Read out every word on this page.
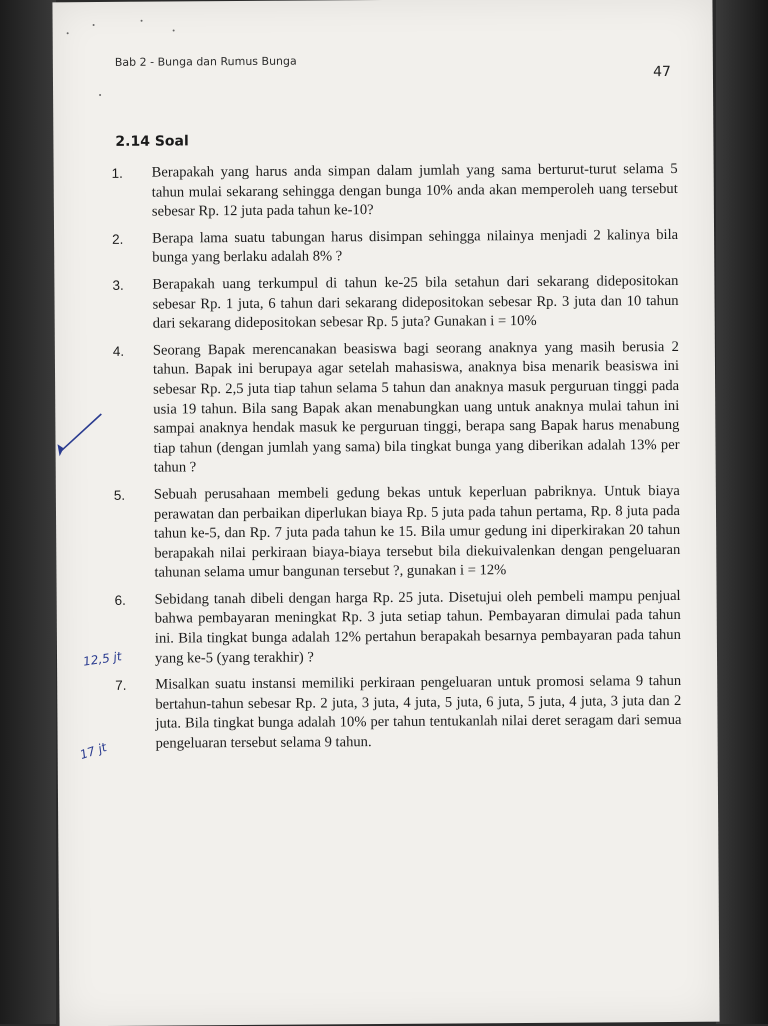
Bab 2 - Bunga dan Rumus Bunga
47
2.14 Soal
1. Berapakah yang harus anda simpan dalam jumlah yang sama berturut-turut selama 5 tahun mulai sekarang sehingga dengan bunga 10% anda akan memperoleh uang tersebut sebesar Rp. 12 juta pada tahun ke-10?
2. Berapa lama suatu tabungan harus disimpan sehingga nilainya menjadi 2 kalinya bila bunga yang berlaku adalah 8% ?
3. Berapakah uang terkumpul di tahun ke-25 bila setahun dari sekarang didepositokan sebesar Rp. 1 juta, 6 tahun dari sekarang didepositokan sebesar Rp. 3 juta dan 10 tahun dari sekarang didepositokan sebesar Rp. 5 juta? Gunakan i = 10%
4. Seorang Bapak merencanakan beasiswa bagi seorang anaknya yang masih berusia 2 tahun. Bapak ini berupaya agar setelah mahasiswa, anaknya bisa menarik beasiswa ini sebesar Rp. 2,5 juta tiap tahun selama 5 tahun dan anaknya masuk perguruan tinggi pada usia 19 tahun. Bila sang Bapak akan menabungkan uang untuk anaknya mulai tahun ini sampai anaknya hendak masuk ke perguruan tinggi, berapa sang Bapak harus menabung tiap tahun (dengan jumlah yang sama) bila tingkat bunga yang diberikan adalah 13% per tahun ?
5. Sebuah perusahaan membeli gedung bekas untuk keperluan pabriknya. Untuk biaya perawatan dan perbaikan diperlukan biaya Rp. 5 juta pada tahun pertama, Rp. 8 juta pada tahun ke-5, dan Rp. 7 juta pada tahun ke 15. Bila umur gedung ini diperkirakan 20 tahun berapakah nilai perkiraan biaya-biaya tersebut bila diekuivalenkan dengan pengeluaran tahunan selama umur bangunan tersebut ?, gunakan i = 12%
6. Sebidang tanah dibeli dengan harga Rp. 25 juta. Disetujui oleh pembeli mampu penjual bahwa pembayaran meningkat Rp. 3 juta setiap tahun. Pembayaran dimulai pada tahun ini. Bila tingkat bunga adalah 12% pertahun berapakah besarnya pembayaran pada tahun yang ke-5 (yang terakhir) ?
7. Misalkan suatu instansi memiliki perkiraan pengeluaran untuk promosi selama 9 tahun bertahun-tahun sebesar Rp. 2 juta, 3 juta, 4 juta, 5 juta, 6 juta, 5 juta, 4 juta, 3 juta dan 2 juta. Bila tingkat bunga adalah 10% per tahun tentukanlah nilai deret seragam dari semua pengeluaran tersebut selama 9 tahun.
12,5 jt
17 jt
